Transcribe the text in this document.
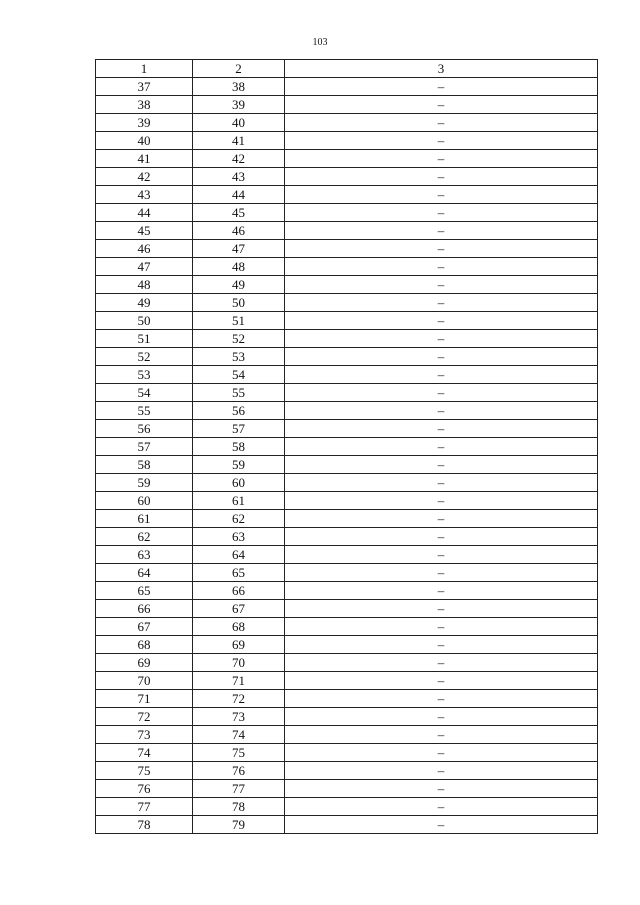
103
1	2	3
37	38	–
38	39	–
39	40	–
40	41	–
41	42	–
42	43	–
43	44	–
44	45	–
45	46	–
46	47	–
47	48	–
48	49	–
49	50	–
50	51	–
51	52	–
52	53	–
53	54	–
54	55	–
55	56	–
56	57	–
57	58	–
58	59	–
59	60	–
60	61	–
61	62	–
62	63	–
63	64	–
64	65	–
65	66	–
66	67	–
67	68	–
68	69	–
69	70	–
70	71	–
71	72	–
72	73	–
73	74	–
74	75	–
75	76	–
76	77	–
77	78	–
78	79	–
